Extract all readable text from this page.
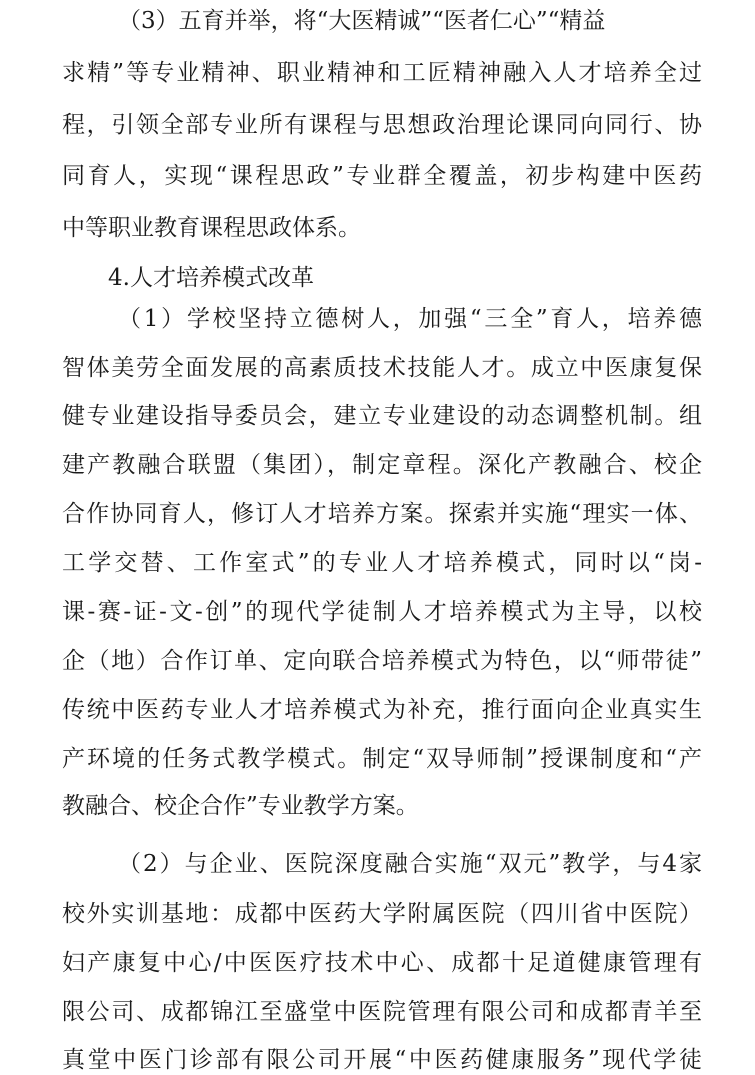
（3）五育并举，将“大医精诚”“医者仁心”“精益
求精”等专业精神、职业精神和工匠精神融入人才培养全过
程，引领全部专业所有课程与思想政治理论课同向同行、协
同育人，实现“课程思政”专业群全覆盖，初步构建中医药
中等职业教育课程思政体系。
4.人才培养模式改革
（1）学校坚持立德树人，加强“三全”育人，培养德
智体美劳全面发展的高素质技术技能人才。成立中医康复保
健专业建设指导委员会，建立专业建设的动态调整机制。组
建产教融合联盟（集团），制定章程。深化产教融合、校企
合作协同育人，修订人才培养方案。探索并实施“理实一体、
工学交替、工作室式”的专业人才培养模式，同时以“岗-
课-赛-证-文-创”的现代学徒制人才培养模式为主导，以校
企（地）合作订单、定向联合培养模式为特色，以“师带徒”
传统中医药专业人才培养模式为补充，推行面向企业真实生
产环境的任务式教学模式。制定“双导师制”授课制度和“产
教融合、校企合作”专业教学方案。
（2）与企业、医院深度融合实施“双元”教学，与4家
校外实训基地：成都中医药大学附属医院（四川省中医院）
妇产康复中心/中医医疗技术中心、成都十足道健康管理有
限公司、成都锦江至盛堂中医院管理有限公司和成都青羊至
真堂中医门诊部有限公司开展“中医药健康服务”现代学徒
